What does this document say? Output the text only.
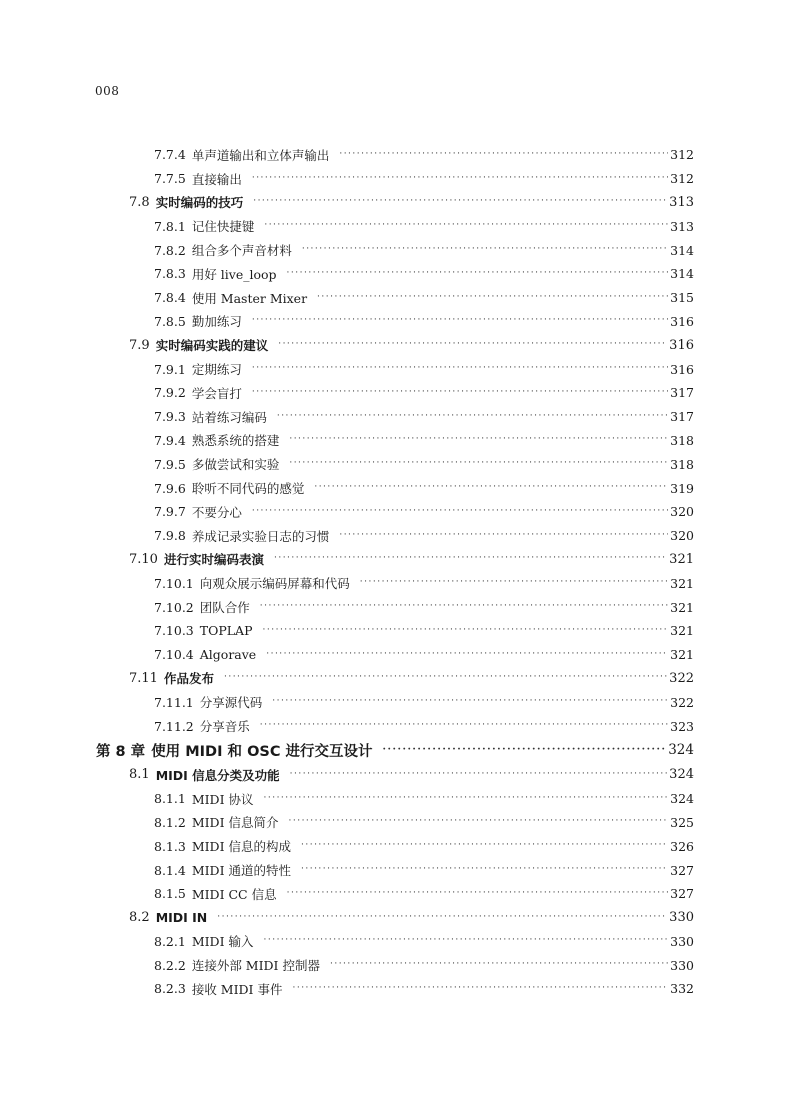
008
7.7.4 单声道输出和立体声输出 ·····	312
7.7.5 直接输出 ·····	312
7.8 实时编码的技巧 ·····	313
7.8.1 记住快捷键 ·····	313
7.8.2 组合多个声音材料 ·····	314
7.8.3 用好 live_loop ·····	314
7.8.4 使用 Master Mixer ·····	315
7.8.5 勤加练习 ·····	316
7.9 实时编码实践的建议 ·····	316
7.9.1 定期练习 ·····	316
7.9.2 学会盲打 ·····	317
7.9.3 站着练习编码 ·····	317
7.9.4 熟悉系统的搭建 ·····	318
7.9.5 多做尝试和实验 ·····	318
7.9.6 聆听不同代码的感觉 ·····	319
7.9.7 不要分心 ·····	320
7.9.8 养成记录实验日志的习惯 ·····	320
7.10 进行实时编码表演 ·····	321
7.10.1 向观众展示编码屏幕和代码 ·····	321
7.10.2 团队合作 ·····	321
7.10.3 TOPLAP ·····	321
7.10.4 Algorave ·····	321
7.11 作品发布 ·····	322
7.11.1 分享源代码 ·····	322
7.11.2 分享音乐 ·····	323
第 8 章 使用 MIDI 和 OSC 进行交互设计 ·····	324
8.1 MIDI 信息分类及功能 ·····	324
8.1.1 MIDI 协议 ·····	324
8.1.2 MIDI 信息简介 ·····	325
8.1.3 MIDI 信息的构成 ·····	326
8.1.4 MIDI 通道的特性 ·····	327
8.1.5 MIDI CC 信息 ·····	327
8.2 MIDI IN ·····	330
8.2.1 MIDI 输入 ·····	330
8.2.2 连接外部 MIDI 控制器 ·····	330
8.2.3 接收 MIDI 事件 ·····	332
